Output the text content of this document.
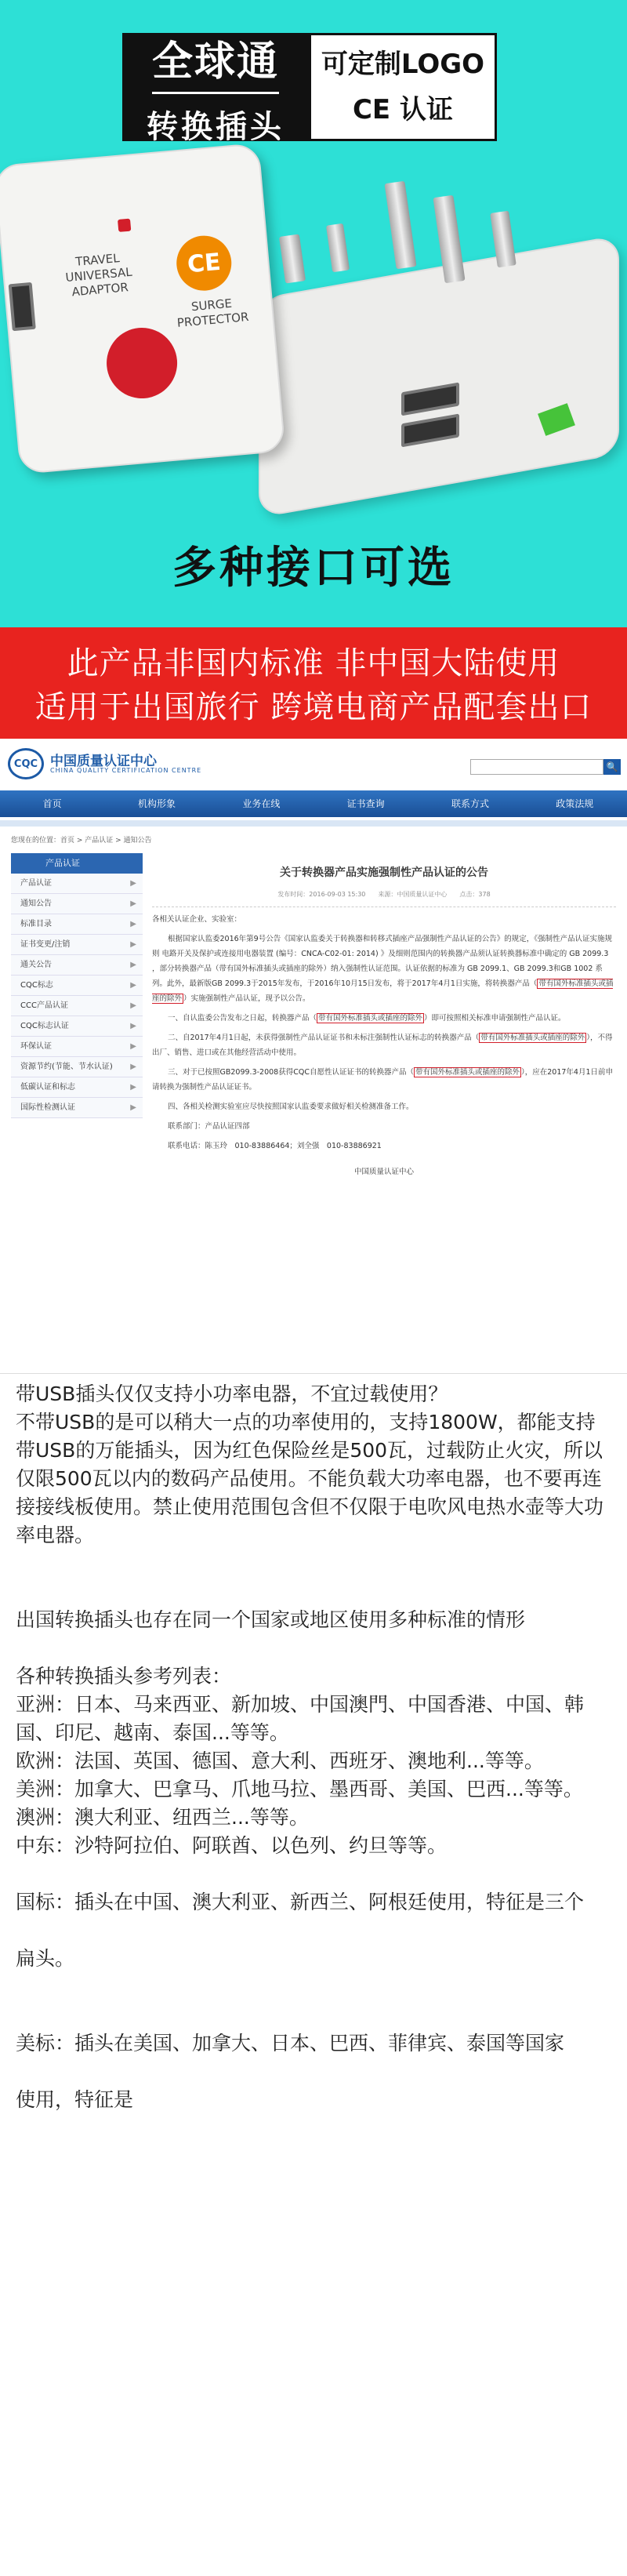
全球通
转换插头
可定制LOGO
CE 认证
TRAVEL
UNIVERSAL
ADAPTOR
SURGE
PROTECTOR
CE
多种接口可选
此产品非国内标准 非中国大陆使用
适用于出国旅行 跨境电商产品配套出口
CQC 中国质量认证中心
CHINA QUALITY CERTIFICATION CENTRE	🔍
首页	机构形象	业务在线	证书查询	联系方式	政策法规
您现在的位置：首页 > 产品认证 > 通知公告
产品认证
产品认证	▶
通知公告	▶
标准目录	▶
证书变更/注销	▶
通关公告	▶
CQC标志	▶
CCC产品认证	▶
CQC标志认证	▶
环保认证	▶
资源节约(节能、节水认证) ▶
低碳认证和标志	▶
国际性检测认证	▶
关于转换器产品实施强制性产品认证的公告
发布时间：2016-09-03 15:30　　来源：中国质量认证中心　　点击：378

各相关认证企业、实验室：

根据国家认监委2016年第9号公告《国家认监委关于转换器和转移式插座产品强制性产品认证的公告》的规定，《强制性产品认证实施规则 电路开关及保护或连接用电器装置 (编号：CNCA-C02-01: 2014) 》及细则范围内的转换器产品须认证转换器标准中确定的 GB 2099.3 ，部分转换器产品（带有国外标准插头或插座的除外）纳入强制性认证范围。认证依据的标准为 GB 2099.1、GB 2099.3和GB 1002 系列。此外，最新版GB 2099.3于2015年发布，于2016年10月15日发布，将于2017年4月1日实施，将转换器产品（ 带有国外标准插头或插座的除外 ）实施强制性产品认证，现予以公告。

一、自认监委公告发布之日起，转换器产品（ 带有国外标准插头或插座的除外 ）即可按照相关标准申请强制性产品认证。

二、自2017年4月1日起，未获得强制性产品认证证书和未标注强制性认证标志的转换器产品（ 带有国外标准插头或插座的除外 ），不得出厂、销售、进口或在其他经营活动中使用。

三、对于已按照GB2099.3-2008获得CQC自愿性认证证书的转换器产品（ 带有国外标准插头或插座的除外 ），应在2017年4月1日前申请转换为强制性产品认证证书。

四、各相关检测实验室应尽快按照国家认监委要求做好相关检测准备工作。

联系部门：产品认证四部

联系电话：陈玉玲　010-83886464；刘全强　010-83886921

中国质量认证中心

带USB插头仅仅支持小功率电器，不宜过载使用？

不带USB的是可以稍大一点的功率使用的，支持1800W，都能支持

带USB的万能插头，因为红色保险丝是500瓦，过载防止火灾，所以仅限500瓦以内的数码产品使用。不能负载大功率电器，也不要再连接接线板使用。禁止使用范围包含但不仅限于电吹风电热水壶等大功率电器。

出国转换插头也存在同一个国家或地区使用多种标准的情形

各种转换插头参考列表：

亚洲：日本、马来西亚、新加坡、中国澳門、中国香港、中国、韩国、印尼、越南、泰国...等等。

欧洲：法国、英国、德国、意大利、西班牙、澳地利...等等。

美洲：加拿大、巴拿马、爪地马拉、墨西哥、美国、巴西...等等。

澳洲：澳大利亚、纽西兰...等等。

中东：沙特阿拉伯、阿联酋、以色列、约旦等等。

国标：插头在中国、澳大利亚、新西兰、阿根廷使用，特征是三个

扁头。

美标：插头在美国、加拿大、日本、巴西、菲律宾、泰国等国家

使用，特征是
